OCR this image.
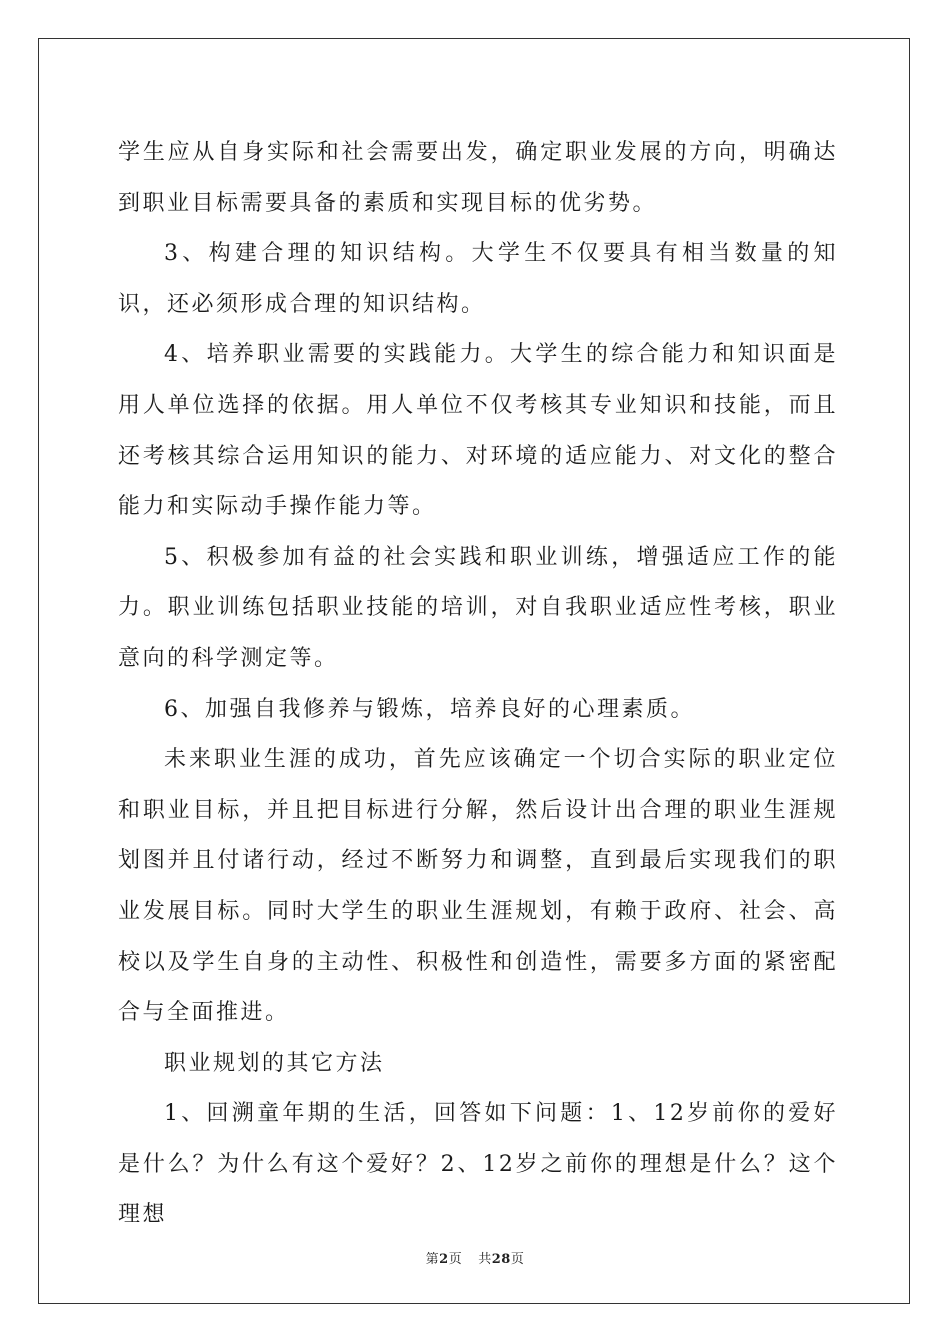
学生应从自身实际和社会需要出发，确定职业发展的方向，明确达到职业目标需要具备的素质和实现目标的优劣势。

3、构建合理的知识结构。大学生不仅要具有相当数量的知识，还必须形成合理的知识结构。

4、培养职业需要的实践能力。大学生的综合能力和知识面是用人单位选择的依据。用人单位不仅考核其专业知识和技能，而且还考核其综合运用知识的能力、对环境的适应能力、对文化的整合能力和实际动手操作能力等。

5、积极参加有益的社会实践和职业训练，增强适应工作的能力。职业训练包括职业技能的培训，对自我职业适应性考核，职业意向的科学测定等。

6、加强自我修养与锻炼，培养良好的心理素质。

未来职业生涯的成功，首先应该确定一个切合实际的职业定位和职业目标，并且把目标进行分解，然后设计出合理的职业生涯规划图并且付诸行动，经过不断努力和调整，直到最后实现我们的职业发展目标。同时大学生的职业生涯规划，有赖于政府、社会、高校以及学生自身的主动性、积极性和创造性，需要多方面的紧密配合与全面推进。

职业规划的其它方法

1、回溯童年期的生活，回答如下问题：1、12岁前你的爱好是什么？为什么有这个爱好？2、12岁之前你的理想是什么？这个理想

第2页 共28页
